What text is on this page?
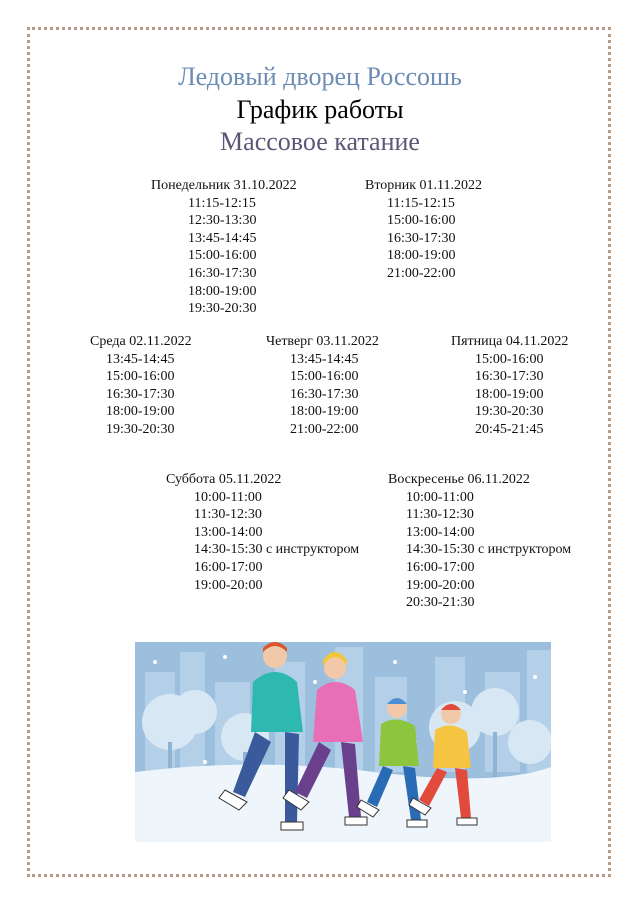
Ледовый дворец Россошь
График работы
Массовое катание
Понедельник 31.10.2022
11:15-12:15
12:30-13:30
13:45-14:45
15:00-16:00
16:30-17:30
18:00-19:00
19:30-20:30
Вторник 01.11.2022
11:15-12:15
15:00-16:00
16:30-17:30
18:00-19:00
21:00-22:00
Среда 02.11.2022
13:45-14:45
15:00-16:00
16:30-17:30
18:00-19:00
19:30-20:30
Четверг 03.11.2022
13:45-14:45
15:00-16:00
16:30-17:30
18:00-19:00
21:00-22:00
Пятница 04.11.2022
15:00-16:00
16:30-17:30
18:00-19:00
19:30-20:30
20:45-21:45
Суббота 05.11.2022
10:00-11:00
11:30-12:30
13:00-14:00
14:30-15:30 с инструктором
16:00-17:00
19:00-20:00
Воскресенье 06.11.2022
10:00-11:00
11:30-12:30
13:00-14:00
14:30-15:30 с инструктором
16:00-17:00
19:00-20:00
20:30-21:30
